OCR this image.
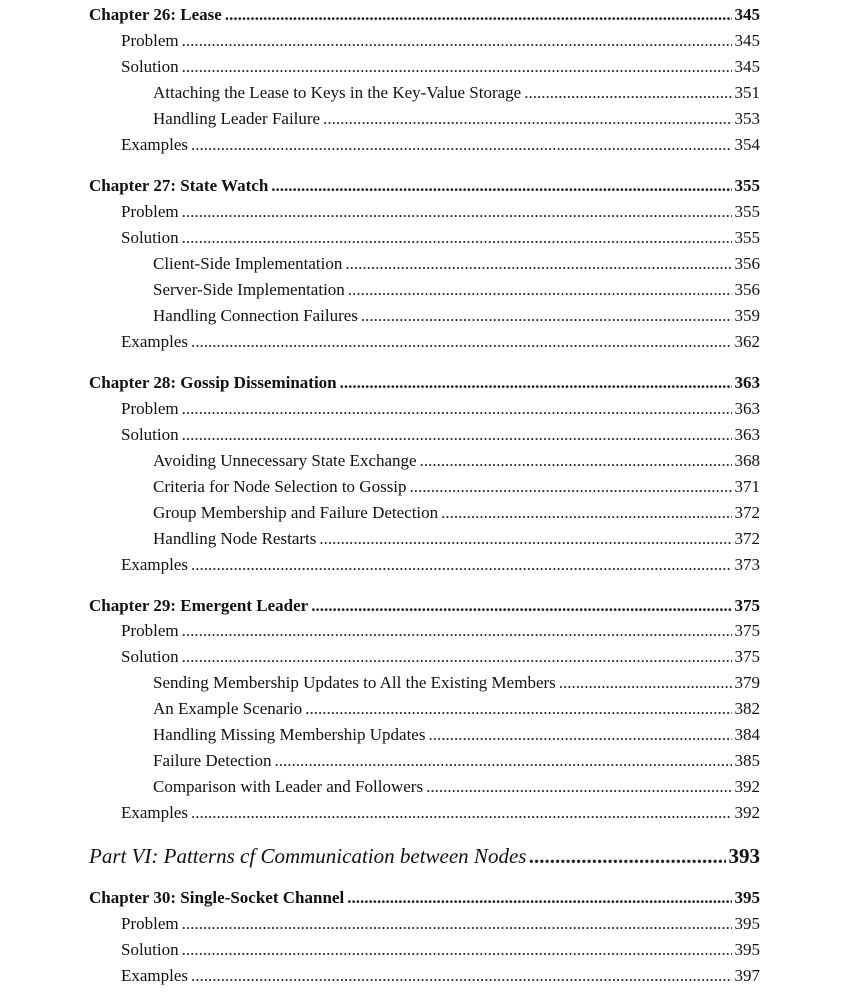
Chapter 26: Lease .....	345
Problem .....	345
Solution .....	345
Attaching the Lease to Keys in the Key-Value Storage .....	351
Handling Leader Failure .....	353
Examples .....	354
Chapter 27: State Watch .....	355
Problem .....	355
Solution .....	355
Client-Side Implementation .....	356
Server-Side Implementation .....	356
Handling Connection Failures .....	359
Examples .....	362
Chapter 28: Gossip Dissemination .....	363
Problem .....	363
Solution .....	363
Avoiding Unnecessary State Exchange .....	368
Criteria for Node Selection to Gossip .....	371
Group Membership and Failure Detection .....	372
Handling Node Restarts .....	372
Examples .....	373
Chapter 29: Emergent Leader .....	375
Problem .....	375
Solution .....	375
Sending Membership Updates to All the Existing Members .....	379
An Example Scenario .....	382
Handling Missing Membership Updates .....	384
Failure Detection .....	385
Comparison with Leader and Followers .....	392
Examples .....	392
Part VI: Patterns cf Communication between Nodes .....	393
Chapter 30: Single-Socket Channel .....	395
Problem .....	395
Solution .....	395
Examples .....	397
